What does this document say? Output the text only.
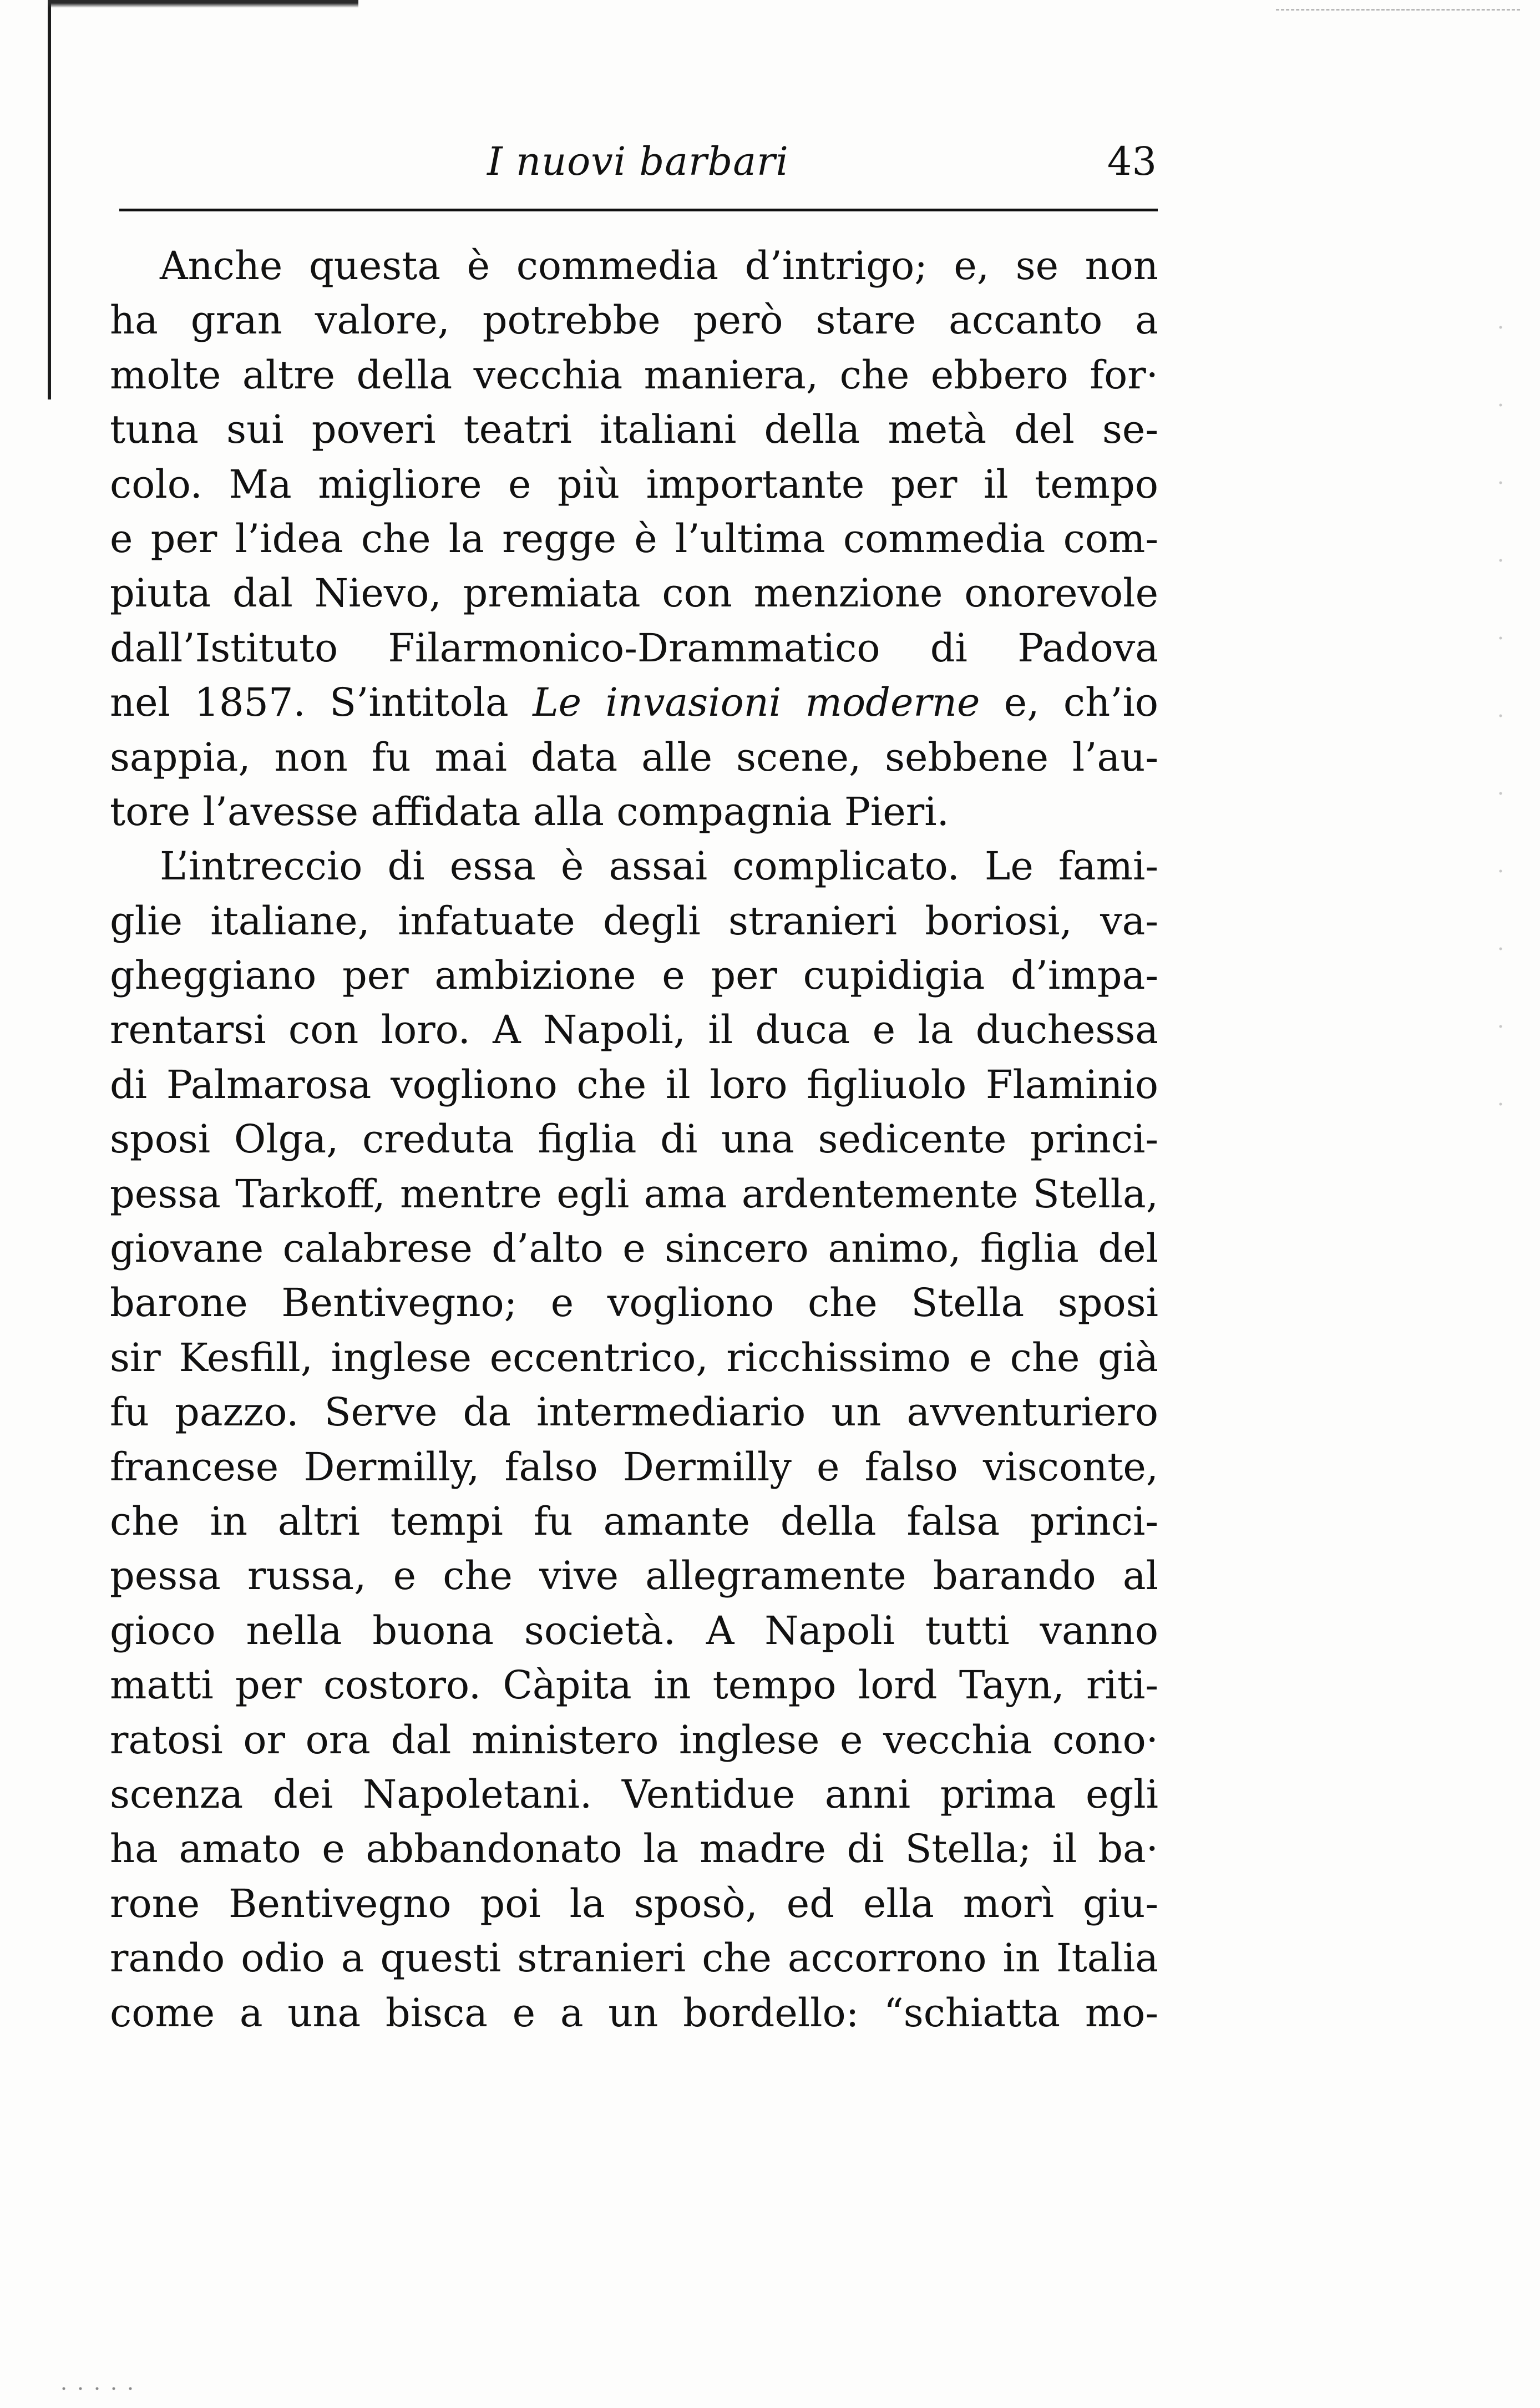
I nuovi barbari	43
Anche questa è commedia d’intrigo; e, se non
ha gran valore, potrebbe però stare accanto a
molte altre della vecchia maniera, che ebbero for·
tuna sui poveri teatri italiani della metà del se-
colo. Ma migliore e più importante per il tempo
e per l’idea che la regge è l’ultima commedia com-
piuta dal Nievo, premiata con menzione onorevole
dall’Istituto Filarmonico-Drammatico di Padova
nel 1857. S’intitola Le invasioni moderne e, ch’io
sappia, non fu mai data alle scene, sebbene l’au-
tore l’avesse affidata alla compagnia Pieri.
L’intreccio di essa è assai complicato. Le fami-
glie italiane, infatuate degli stranieri boriosi, va-
gheggiano per ambizione e per cupidigia d’impa-
rentarsi con loro. A Napoli, il duca e la duchessa
di Palmarosa vogliono che il loro figliuolo Flaminio
sposi Olga, creduta figlia di una sedicente princi-
pessa Tarkoff, mentre egli ama ardentemente Stella,
giovane calabrese d’alto e sincero animo, figlia del
barone Bentivegno; e vogliono che Stella sposi
sir Kesfill, inglese eccentrico, ricchissimo e che già
fu pazzo. Serve da intermediario un avventuriero
francese Dermilly, falso Dermilly e falso visconte,
che in altri tempi fu amante della falsa princi-
pessa russa, e che vive allegramente barando al
gioco nella buona società. A Napoli tutti vanno
matti per costoro. Càpita in tempo lord Tayn, riti-
ratosi or ora dal ministero inglese e vecchia cono·
scenza dei Napoletani. Ventidue anni prima egli
ha amato e abbandonato la madre di Stella; il ba·
rone Bentivegno poi la sposò, ed ella morì giu-
rando odio a questi stranieri che accorrono in Italia
come a una bisca e a un bordello: “schiatta mo-
